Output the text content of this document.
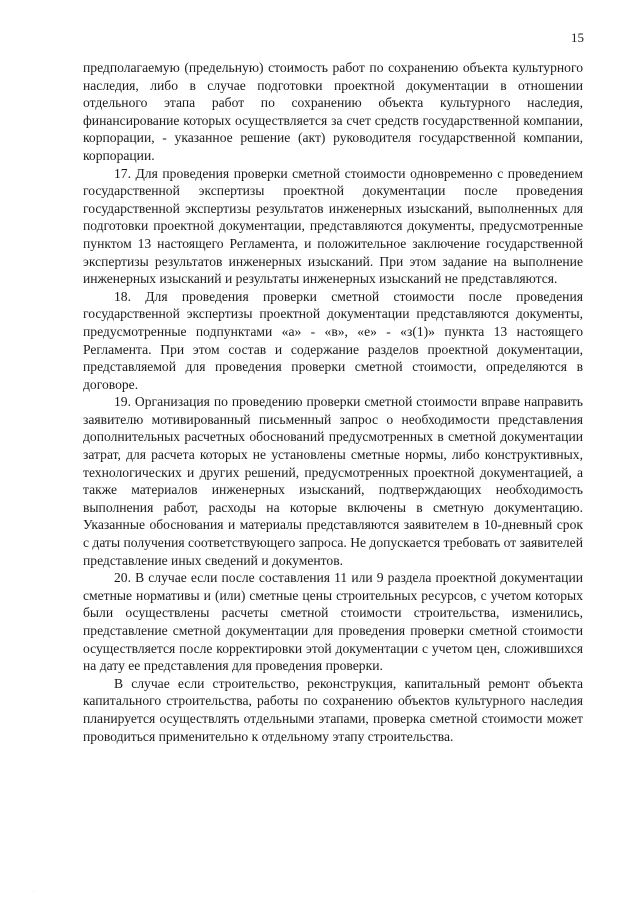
15

предполагаемую (предельную) стоимость работ по сохранению объекта культурного наследия, либо в случае подготовки проектной документации в отношении отдельного этапа работ по сохранению объекта культурного наследия, финансирование которых осуществляется за счет средств государственной компании, корпорации, - указанное решение (акт) руководителя государственной компании, корпорации.

17. Для проведения проверки сметной стоимости одновременно с проведением государственной экспертизы проектной документации после проведения государственной экспертизы результатов инженерных изысканий, выполненных для подготовки проектной документации, представляются документы, предусмотренные пунктом 13 настоящего Регламента, и положительное заключение государственной экспертизы результатов инженерных изысканий. При этом задание на выполнение инженерных изысканий и результаты инженерных изысканий не представляются.

18. Для проведения проверки сметной стоимости после проведения государственной экспертизы проектной документации представляются документы, предусмотренные подпунктами «а» - «в», «е» - «з(1)» пункта 13 настоящего Регламента. При этом состав и содержание разделов проектной документации, представляемой для проведения проверки сметной стоимости, определяются в договоре.

19. Организация по проведению проверки сметной стоимости вправе направить заявителю мотивированный письменный запрос о необходимости представления дополнительных расчетных обоснований предусмотренных в сметной документации затрат, для расчета которых не установлены сметные нормы, либо конструктивных, технологических и других решений, предусмотренных проектной документацией, а также материалов инженерных изысканий, подтверждающих необходимость выполнения работ, расходы на которые включены в сметную документацию. Указанные обоснования и материалы представляются заявителем в 10-дневный срок с даты получения соответствующего запроса. Не допускается требовать от заявителей представление иных сведений и документов.

20. В случае если после составления 11 или 9 раздела проектной документации сметные нормативы и (или) сметные цены строительных ресурсов, с учетом которых были осуществлены расчеты сметной стоимости строительства, изменились, представление сметной документации для проведения проверки сметной стоимости осуществляется после корректировки этой документации с учетом цен, сложившихся на дату ее представления для проведения проверки.

В случае если строительство, реконструкция, капитальный ремонт объекта капитального строительства, работы по сохранению объектов культурного наследия планируется осуществлять отдельными этапами, проверка сметной стоимости может проводиться применительно к отдельному этапу строительства.

·
